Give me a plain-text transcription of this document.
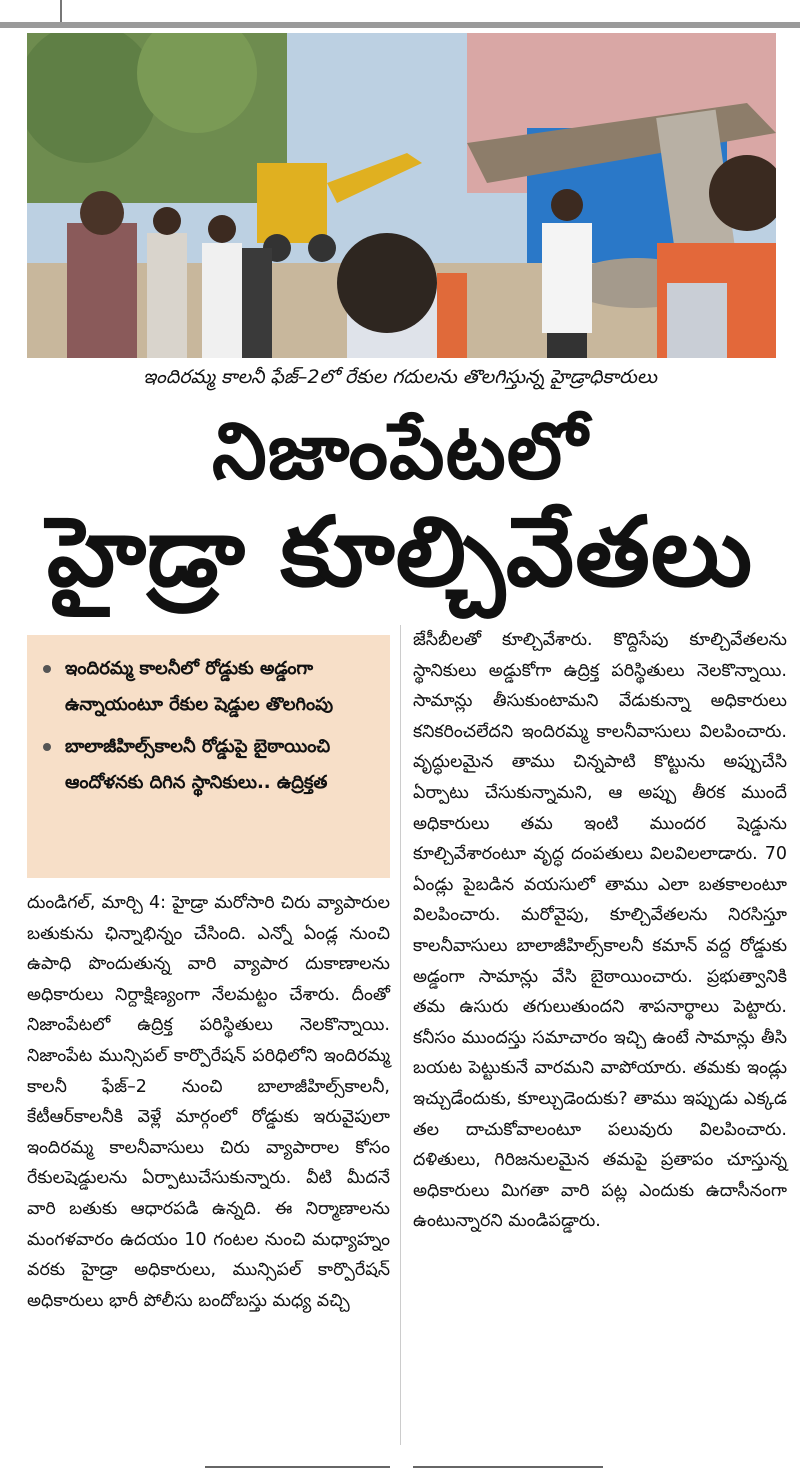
ఇందిరమ్మ కాలనీ ఫేజ్–2లో రేకుల గదులను తొలగిస్తున్న హైడ్రాధికారులు
నిజాంపేటలో
హైడ్రా కూల్చివేతలు
ఇందిరమ్మ కాలనీలో రోడ్డుకు అడ్డంగా ఉన్నాయంటూ రేకుల షెడ్డుల తొలగింపు
బాలాజీహిల్స్‌కాలనీ రోడ్డుపై బైఠాయించి ఆందోళనకు దిగిన స్థానికులు.. ఉద్రిక్తత

దుండిగల్, మార్చి 4: హైడ్రా మరోసారి చిరు వ్యాపారుల బతుకును ఛిన్నాభిన్నం చేసింది. ఎన్నో ఏండ్ల నుంచి ఉపాధి పొందుతున్న వారి వ్యాపార దుకాణాలను అధికారులు నిర్దాక్షిణ్యంగా నేలమట్టం చేశారు. దీంతో నిజాంపేటలో ఉద్రిక్త పరిస్థితులు నెలకొన్నాయి. నిజాంపేట మున్సిపల్ కార్పొరేషన్ పరిధిలోని ఇందిరమ్మ కాలనీ ఫేజ్–2 నుంచి బాలాజీహిల్స్‌కాలనీ, కేటీఆర్‌కాలనీకి వెళ్లే మార్గంలో రోడ్డుకు ఇరువైపులా ఇందిరమ్మ కాలనీవాసులు చిరు వ్యాపారాల కోసం రేకులషెడ్డులను ఏర్పాటుచేసుకున్నారు. వీటి మీదనే వారి బతుకు ఆధారపడి ఉన్నది. ఈ నిర్మాణాలను మంగళవారం ఉదయం 10 గంటల నుంచి మధ్యాహ్నం వరకు హైడ్రా అధికారులు, మున్సిపల్ కార్పొరేషన్ అధికారులు భారీ పోలీసు బందోబస్తు మధ్య వచ్చి

జేసీబీలతో కూల్చివేశారు. కొద్దిసేపు కూల్చివేతలను స్థానికులు అడ్డుకోగా ఉద్రిక్త పరిస్థితులు నెలకొన్నాయి. సామాన్లు తీసుకుంటామని వేడుకున్నా అధికారులు కనికరించలేదని ఇందిరమ్మ కాలనీవాసులు విలపించారు. వృద్ధులమైన తాము చిన్నపాటి కొట్టును అప్పుచేసి ఏర్పాటు చేసుకున్నామని, ఆ అప్పు తీరక ముందే అధికారులు తమ ఇంటి ముందర షెడ్డును కూల్చివేశారంటూ వృద్ధ దంపతులు విలవిలలాడారు. 70 ఏండ్లు పైబడిన వయసులో తాము ఎలా బతకాలంటూ విలపించారు. మరోవైపు, కూల్చివేతలను నిరసిస్తూ కాలనీవాసులు బాలాజీహిల్స్‌కాలనీ కమాన్ వద్ద రోడ్డుకు అడ్డంగా సామాన్లు వేసి బైఠాయించారు. ప్రభుత్వానికి తమ ఉసురు తగులుతుందని శాపనార్థాలు పెట్టారు. కనీసం ముందస్తు సమాచారం ఇచ్చి ఉంటే సామాన్లు తీసి బయట పెట్టుకునే వారమని వాపోయారు. తమకు ఇండ్లు ఇచ్చుడేందుకు, కూల్చుడెందుకు? తాము ఇప్పుడు ఎక్కడ తల దాచుకోవాలంటూ పలువురు విలపించారు. దళితులు, గిరిజనులమైన తమపై ప్రతాపం చూస్తున్న అధికారులు మిగతా వారి పట్ల ఎందుకు ఉదాసీనంగా ఉంటున్నారని మండిపడ్డారు.
